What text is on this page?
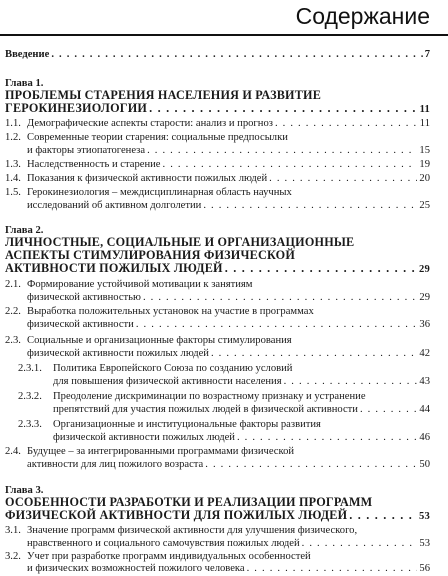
Содержание
Введение . . .	7
Глава 1.
ПРОБЛЕМЫ СТАРЕНИЯ НАСЕЛЕНИЯ И РАЗВИТИЕ
ГЕРОКИНЕЗИОЛОГИИ . . .	11
1.1. Демографические аспекты старости: анализ и прогноз . . .	11
1.2. Современные теории старения: социальные предпосылки
и факторы этиопатогенеза . . .	15
1.3. Наследственность и старение . . .	19
1.4. Показания к физической активности пожилых людей . . .	20
1.5. Герокинезиология – междисциплинарная область научных
исследований об активном долголетии . . .	25
Глава 2.
ЛИЧНОСТНЫЕ, СОЦИАЛЬНЫЕ И ОРГАНИЗАЦИОННЫЕ
АСПЕКТЫ СТИМУЛИРОВАНИЯ ФИЗИЧЕСКОЙ
АКТИВНОСТИ ПОЖИЛЫХ ЛЮДЕЙ . . .	29
2.1. Формирование устойчивой мотивации к занятиям
физической активностью . . .	29
2.2. Выработка положительных установок на участие в программах
физической активности . . .	36
2.3. Социальные и организационные факторы стимулирования
физической активности пожилых людей . . .	42
2.3.1. Политика Европейского Союза по созданию условий
для повышения физической активности населения . . .	43
2.3.2. Преодоление дискриминации по возрастному признаку и устранение
препятствий для участия пожилых людей в физической активности . . .	44
2.3.3. Организационные и институциональные факторы развития
физической активности пожилых людей . . .	46
2.4. Будущее – за интегрированными программами физической
активности для лиц пожилого возраста . . .	50
Глава 3.
ОСОБЕННОСТИ РАЗРАБОТКИ И РЕАЛИЗАЦИИ ПРОГРАММ
ФИЗИЧЕСКОЙ АКТИВНОСТИ ДЛЯ ПОЖИЛЫХ ЛЮДЕЙ . . .	53
3.1. Значение программ физической активности для улучшения физического,
нравственного и социального самочувствия пожилых людей . . .	53
3.2. Учет при разработке программ индивидуальных особенностей
и физических возможностей пожилого человека . . .	56
